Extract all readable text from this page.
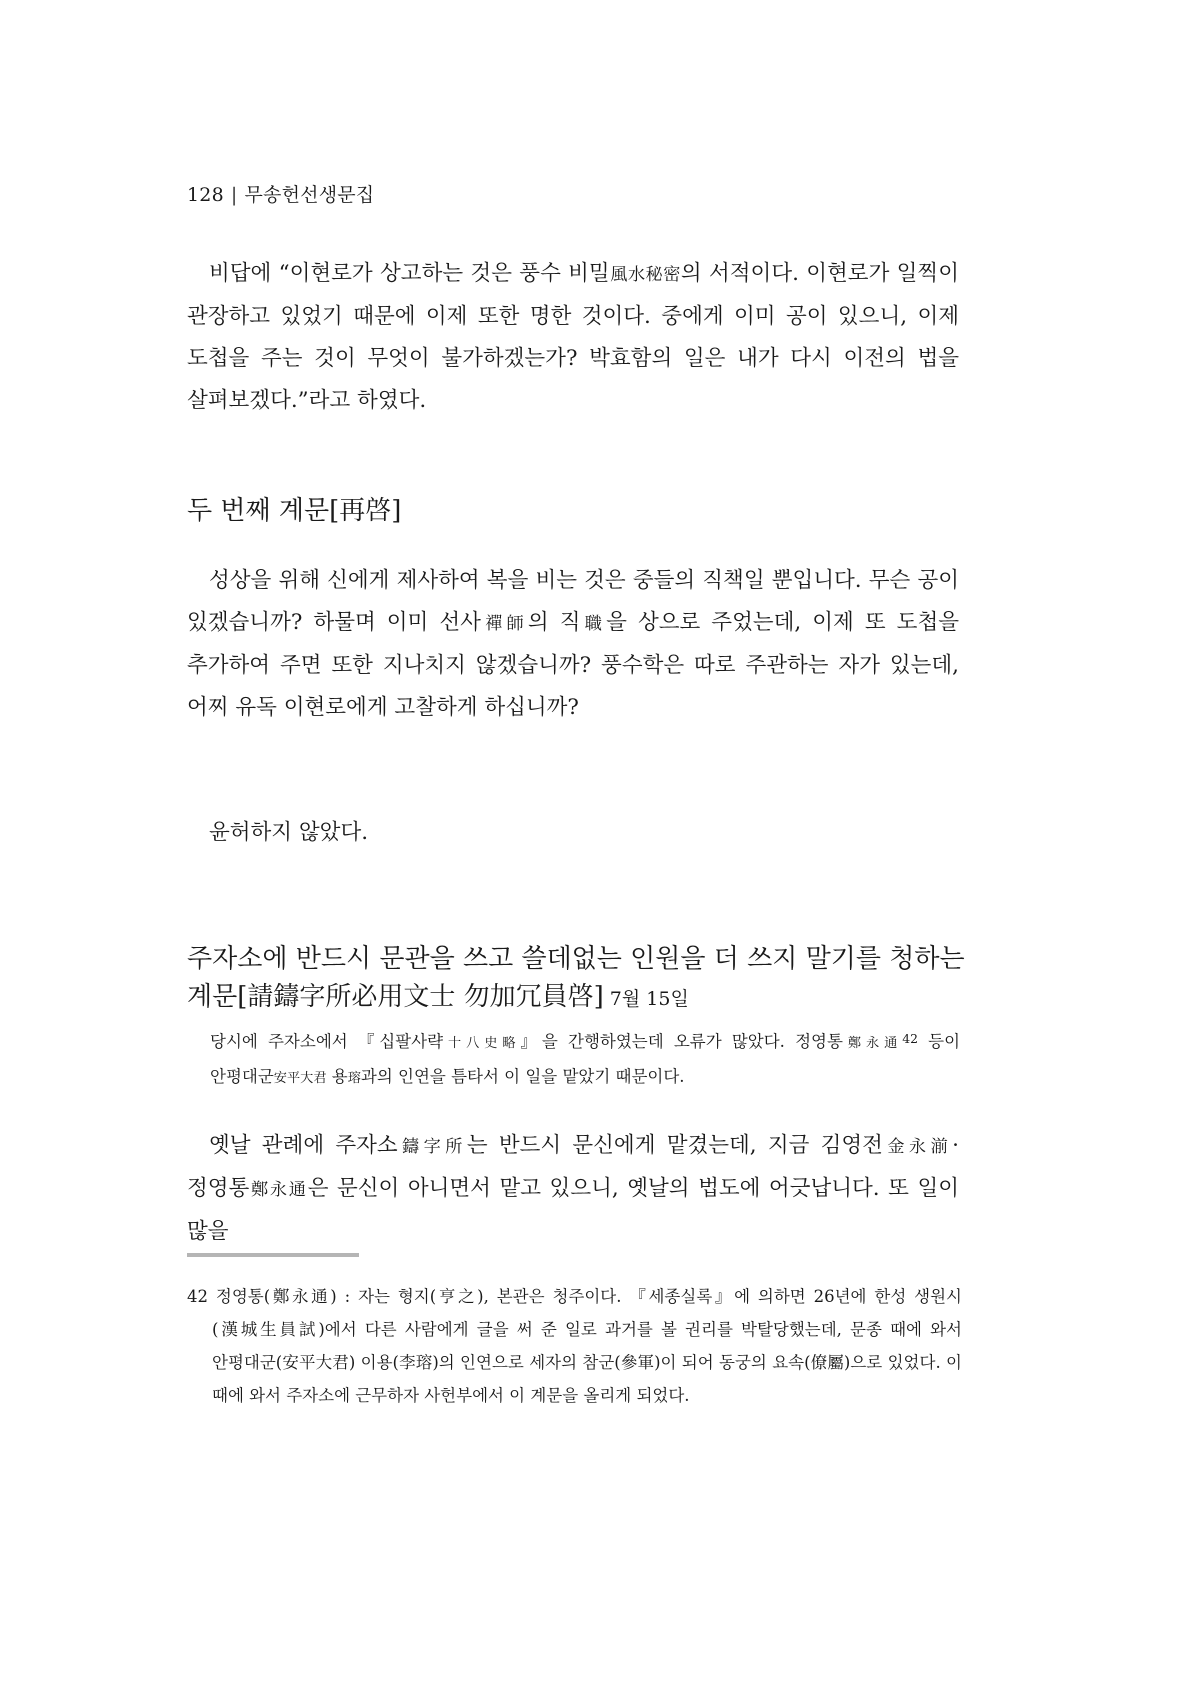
128 | 무송헌선생문집
비답에 “이현로가 상고하는 것은 풍수 비밀風水秘密의 서적이다. 이현로가 일찍이 관장하고 있었기 때문에 이제 또한 명한 것이다. 중에게 이미 공이 있으니, 이제 도첩을 주는 것이 무엇이 불가하겠는가? 박효함의 일은 내가 다시 이전의 법을 살펴보겠다.”라고 하였다.
두 번째 계문[再啓]
성상을 위해 신에게 제사하여 복을 비는 것은 중들의 직책일 뿐입니다. 무슨 공이 있겠습니까? 하물며 이미 선사禪師의 직職을 상으로 주었는데, 이제 또 도첩을 추가하여 주면 또한 지나치지 않겠습니까? 풍수학은 따로 주관하는 자가 있는데, 어찌 유독 이현로에게 고찰하게 하십니까?
윤허하지 않았다.
주자소에 반드시 문관을 쓰고 쓸데없는 인원을 더 쓰지 말기를 청하는 계문[請鑄字所必用文士 勿加冗員啓] 7월 15일
당시에 주자소에서 『십팔사략十八史略』을 간행하였는데 오류가 많았다. 정영통鄭永通$^{42}$ 등이 안평대군安平大君 용瑢과의 인연을 틈타서 이 일을 맡았기 때문이다.
옛날 관례에 주자소鑄字所는 반드시 문신에게 맡겼는데, 지금 김영전金永湔·정영통鄭永通은 문신이 아니면서 맡고 있으니, 옛날의 법도에 어긋납니다. 또 일이 많을
42 정영통(鄭永通) : 자는 형지(亨之), 본관은 청주이다. 『세종실록』에 의하면 26년에 한성 생원시(漢城生員試)에서 다른 사람에게 글을 써 준 일로 과거를 볼 권리를 박탈당했는데, 문종 때에 와서 안평대군(安平大君) 이용(李瑢)의 인연으로 세자의 참군(參軍)이 되어 동궁의 요속(僚屬)으로 있었다. 이 때에 와서 주자소에 근무하자 사헌부에서 이 계문을 올리게 되었다.
